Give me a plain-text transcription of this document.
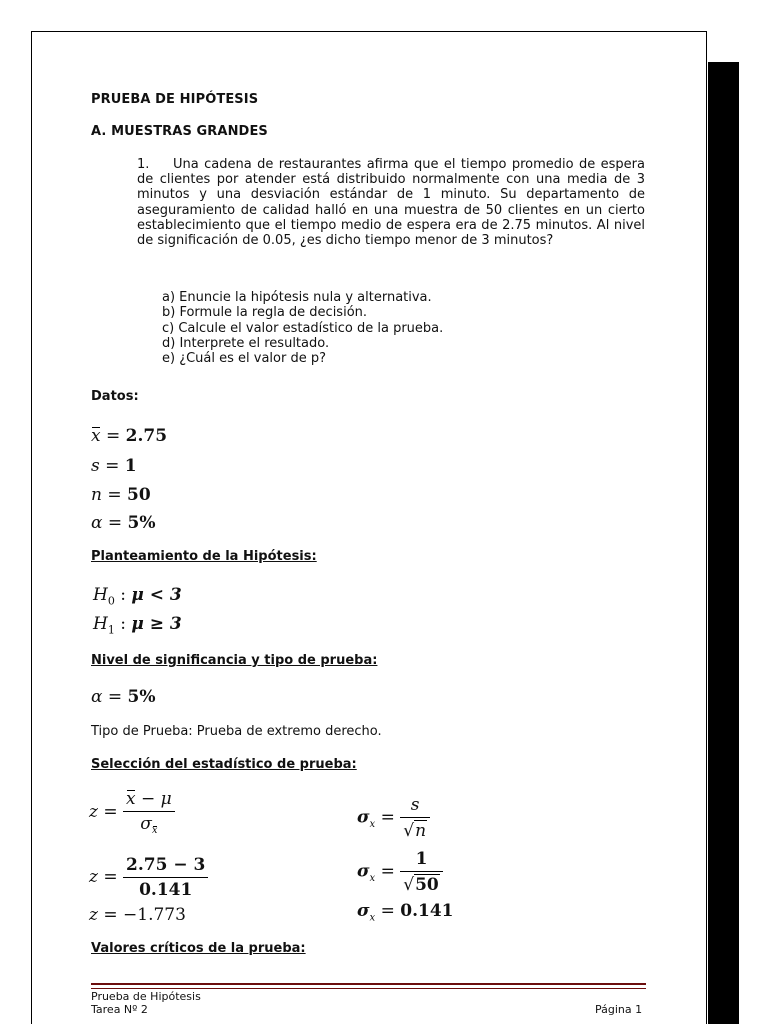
PRUEBA DE HIPÓTESIS
A. MUESTRAS GRANDES
1. Una cadena de restaurantes afirma que el tiempo promedio de espera de clientes por atender está distribuido normalmente con una media de 3 minutos y una desviación estándar de 1 minuto. Su departamento de aseguramiento de calidad halló en una muestra de 50 clientes en un cierto establecimiento que el tiempo medio de espera era de 2.75 minutos. Al nivel de significación de 0.05, ¿es dicho tiempo menor de 3 minutos?
a) Enuncie la hipótesis nula y alternativa.
b) Formule la regla de decisión.
c) Calcule el valor estadístico de la prueba.
d) Interprete el resultado.
e) ¿Cuál es el valor de p?
Datos:
x = 2.75
s = 1
n = 50
α = 5%
Planteamiento de la Hipótesis:
$H_0$ : μ < 3
$H_1$ : μ ≥ 3
Nivel de significancia y tipo de prueba:
α = 5%
Tipo de Prueba: Prueba de extremo derecho.
Selección del estadístico de prueba:
$z = \frac{x - \mu}{\sigma_x}$
$z = \frac{2.75 - 3}{0.141}$
z = −1.773
$\sigma_x = \frac{s}{√n}$
$\sigma_x = \frac{1}{√50}$
$\sigma_x = 0.141$
Valores críticos de la prueba:
Prueba de Hipótesis
Tarea Nº 2	Página 1
